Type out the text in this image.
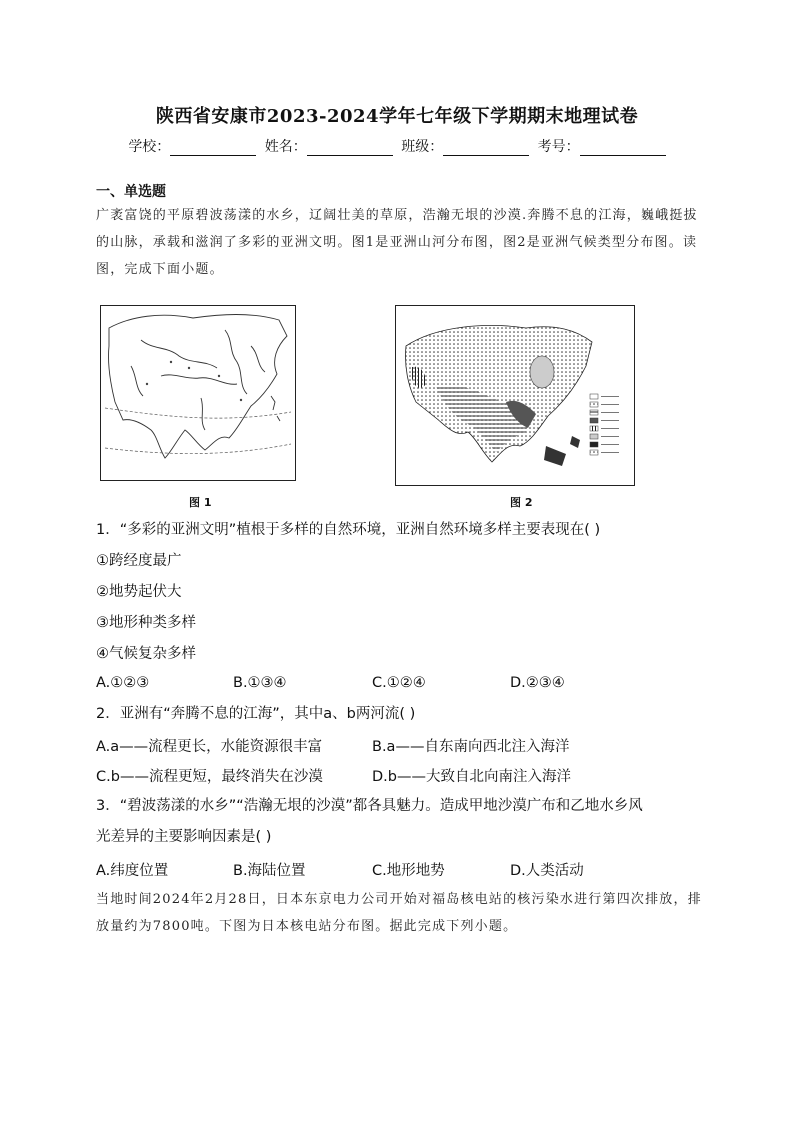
陕西省安康市2023-2024学年七年级下学期期末地理试卷
学校：	姓名：	班级：	考号：
一、单选题
广袤富饶的平原碧波荡漾的水乡，辽阔壮美的草原，浩瀚无垠的沙漠.奔腾不息的江海，巍峨挺拔的山脉，承载和滋润了多彩的亚洲文明。图1是亚洲山河分布图，图2是亚洲气候类型分布图。读图，完成下面小题。
图 1	图 2
1．“多彩的亚洲文明”植根于多样的自然环境，亚洲自然环境多样主要表现在( )
①跨经度最广
②地势起伏大
③地形种类多样
④气候复杂多样
A.①②③	B.①③④	C.①②④	D.②③④
2．亚洲有“奔腾不息的江海”，其中a、b两河流( )
A.a——流程更长，水能资源很丰富	B.a——自东南向西北注入海洋
C.b——流程更短，最终消失在沙漠	D.b——大致自北向南注入海洋
3．“碧波荡漾的水乡”“浩瀚无垠的沙漠”都各具魅力。造成甲地沙漠广布和乙地水乡风
光差异的主要影响因素是( )
A.纬度位置	B.海陆位置	C.地形地势	D.人类活动
当地时间2024年2月28日，日本东京电力公司开始对福岛核电站的核污染水进行第四次排放，排放量约为7800吨。下图为日本核电站分布图。据此完成下列小题。
